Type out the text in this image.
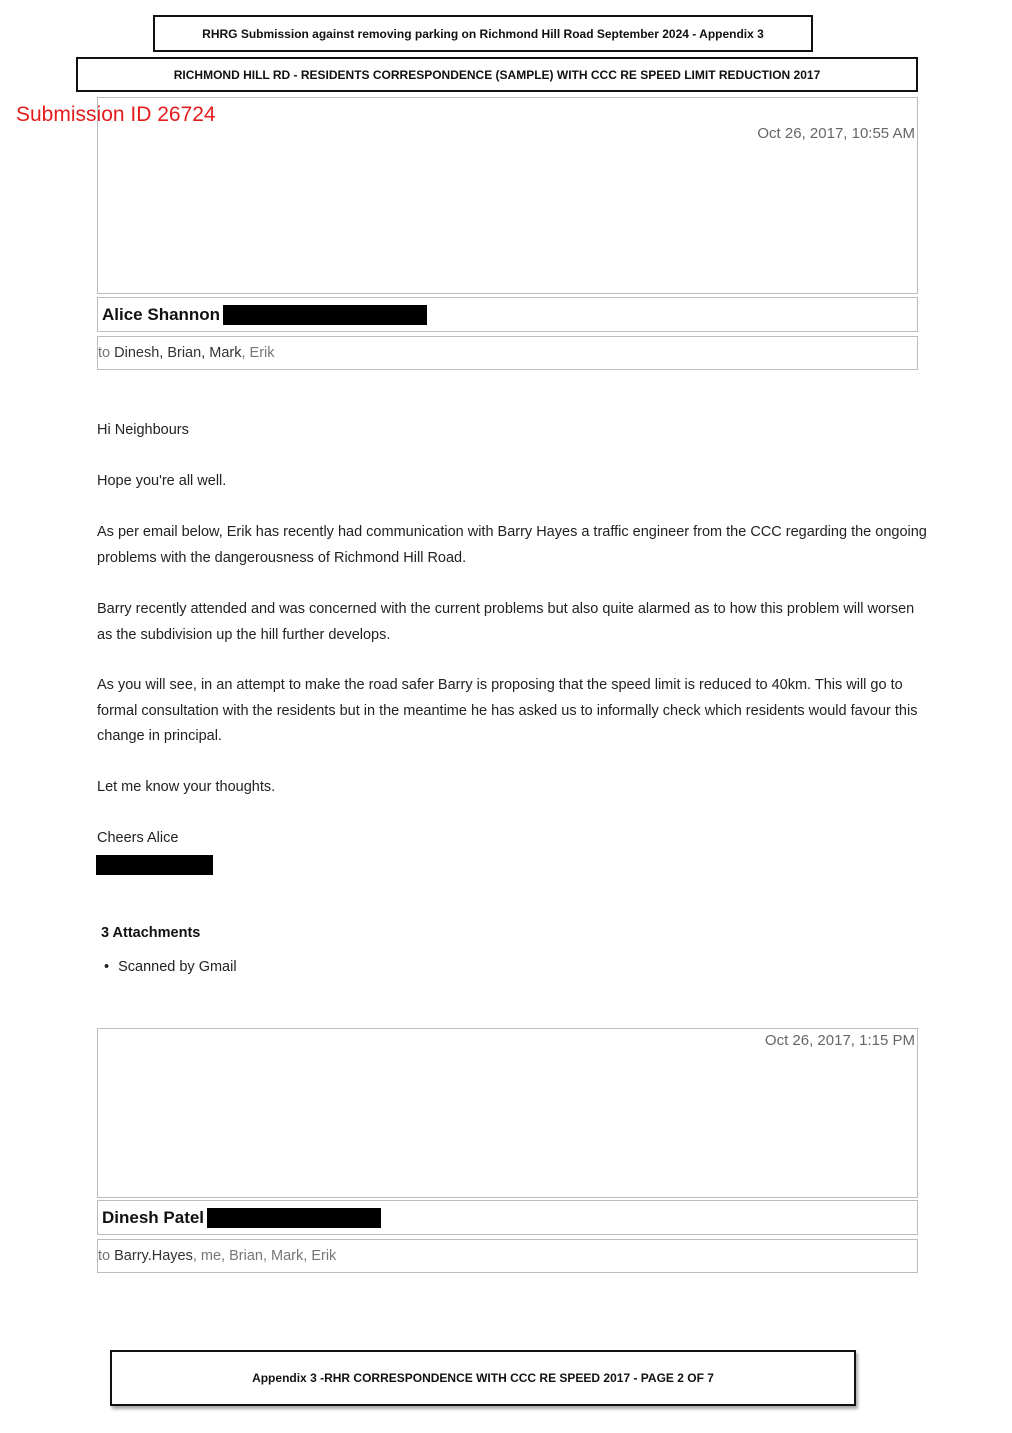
RHRG Submission against removing parking on Richmond Hill Road September 2024 - Appendix 3
RICHMOND HILL RD - RESIDENTS CORRESPONDENCE (SAMPLE) WITH CCC RE SPEED LIMIT REDUCTION 2017
Submission ID 26724
Oct 26, 2017, 10:55 AM
Alice Shannon
to Dinesh , Brian , Mark , Erik
Hi Neighbours
Hope you're all well.
As per email below, Erik has recently had communication with Barry Hayes a traffic engineer from the CCC regarding the ongoing problems with the dangerousness of Richmond Hill Road.
Barry recently attended and was concerned with the current problems but also quite alarmed as to how this problem will worsen as the subdivision up the hill further develops.
As you will see, in an attempt to make the road safer Barry is proposing that the speed limit is reduced to 40km. This will go to formal consultation with the residents but in the meantime he has asked us to informally check which residents would favour this change in principal.
Let me know your thoughts.
Cheers Alice
3 Attachments
• Scanned by Gmail
Oct 26, 2017, 1:15 PM
Dinesh Patel
to Barry.Hayes , me , Brian , Mark , Erik
Appendix 3 -RHR CORRESPONDENCE WITH CCC RE SPEED 2017 - PAGE 2 OF 7
